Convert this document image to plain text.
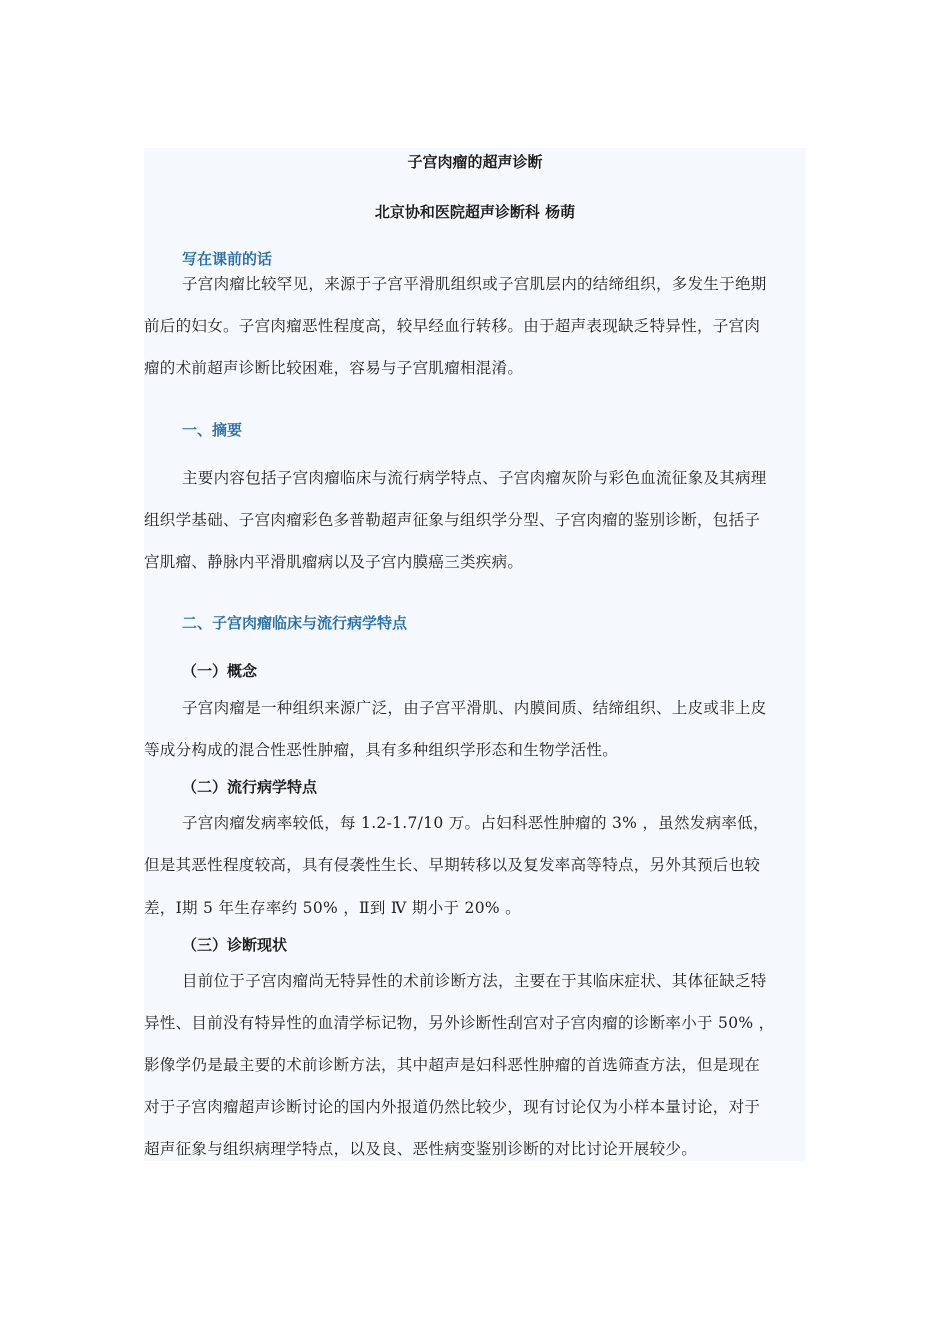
子宫肉瘤的超声诊断
北京协和医院超声诊断科 杨萌
写在课前的话
子宫肉瘤比较罕见，来源于子宫平滑肌组织或子宫肌层内的结缔组织，多发生于绝期
前后的妇女。子宫肉瘤恶性程度高，较早经血行转移。由于超声表现缺乏特异性，子宫肉
瘤的术前超声诊断比较困难，容易与子宫肌瘤相混淆。
一、摘要
主要内容包括子宫肉瘤临床与流行病学特点、子宫肉瘤灰阶与彩色血流征象及其病理
组织学基础、子宫肉瘤彩色多普勒超声征象与组织学分型、子宫肉瘤的鉴别诊断，包括子
宫肌瘤、静脉内平滑肌瘤病以及子宫内膜癌三类疾病。
二、子宫肉瘤临床与流行病学特点
（一）概念
子宫肉瘤是一种组织来源广泛，由子宫平滑肌、内膜间质、结缔组织、上皮或非上皮
等成分构成的混合性恶性肿瘤，具有多种组织学形态和生物学活性。
（二）流行病学特点
子宫肉瘤发病率较低，每 1.2-1.7/10 万。占妇科恶性肿瘤的 3% ，虽然发病率低，
但是其恶性程度较高，具有侵袭性生长、早期转移以及复发率高等特点，另外其预后也较
差，Ⅰ期 5 年生存率约 50% ，Ⅱ到 Ⅳ 期小于 20% 。
（三）诊断现状
目前位于子宫肉瘤尚无特异性的术前诊断方法，主要在于其临床症状、其体征缺乏特
异性、目前没有特异性的血清学标记物，另外诊断性刮宫对子宫肉瘤的诊断率小于 50% ，
影像学仍是最主要的术前诊断方法，其中超声是妇科恶性肿瘤的首选筛查方法，但是现在
对于子宫肉瘤超声诊断讨论的国内外报道仍然比较少，现有讨论仅为小样本量讨论，对于
超声征象与组织病理学特点，以及良、恶性病变鉴别诊断的对比讨论开展较少。
